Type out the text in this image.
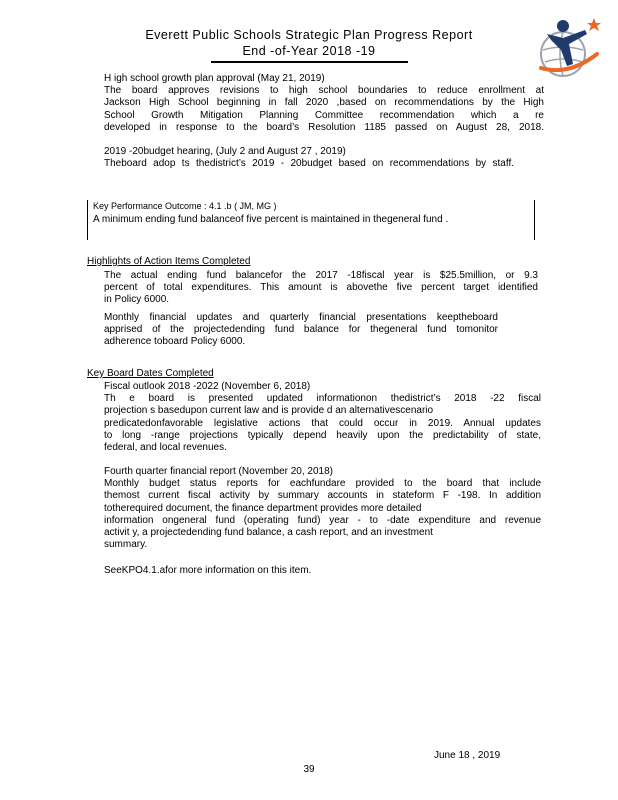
Everett Public Schools Strategic Plan Progress Report
End -of-Year 2018 -19
H igh school growth plan approval (May 21, 2019)
The board approves revisions to high school boundaries to reduce enrollment at
Jackson High School beginning in fall 2020 ,based on recommendations by the High
School Growth Mitigation Planning Committee recommendation which a re
developed in response to the board’s Resolution 1185 passed on August 28, 2018.
2019 -20budget hearing, (July 2 and August 27 , 2019)
Theboard adop ts thedistrict’s 2019 - 20budget based on recommendations by staff.
Key Performance Outcome : 4.1 .b ( JM, MG )
A minimum ending fund balanceof five percent is maintained in thegeneral fund .
Highlights of Action Items Completed
The actual ending fund balancefor the 2017 -18fiscal year is $25.5million, or 9.3
percent of total expenditures. This amount is abovethe five percent target identified
in Policy 6000.
Monthly financial updates and quarterly financial presentations keeptheboard
apprised of the projectedending fund balance for thegeneral fund tomonitor
adherence toboard Policy 6000.
Key Board Dates Completed
Fiscal outlook 2018 -2022 (November 6, 2018)
Th e board is presented updated informationon thedistrict’s 2018 -22 fiscal
projection s basedupon current law and is provide d an alternativescenario
predicatedonfavorable legislative actions that could occur in 2019. Annual updates
to long -range projections typically depend heavily upon the predictability of state,
federal, and local revenues.
Fourth quarter financial report (November 20, 2018)
Monthly budget status reports for eachfundare provided to the board that include
themost current fiscal activity by summary accounts in stateform F -198. In addition
totherequired document, the finance department provides more detailed
information ongeneral fund (operating fund) year - to -date expenditure and revenue
activit y, a projectedending fund balance, a cash report, and an investment
summary.
SeeKPO4.1.afor more information on this item.
June 18 , 2019
39
